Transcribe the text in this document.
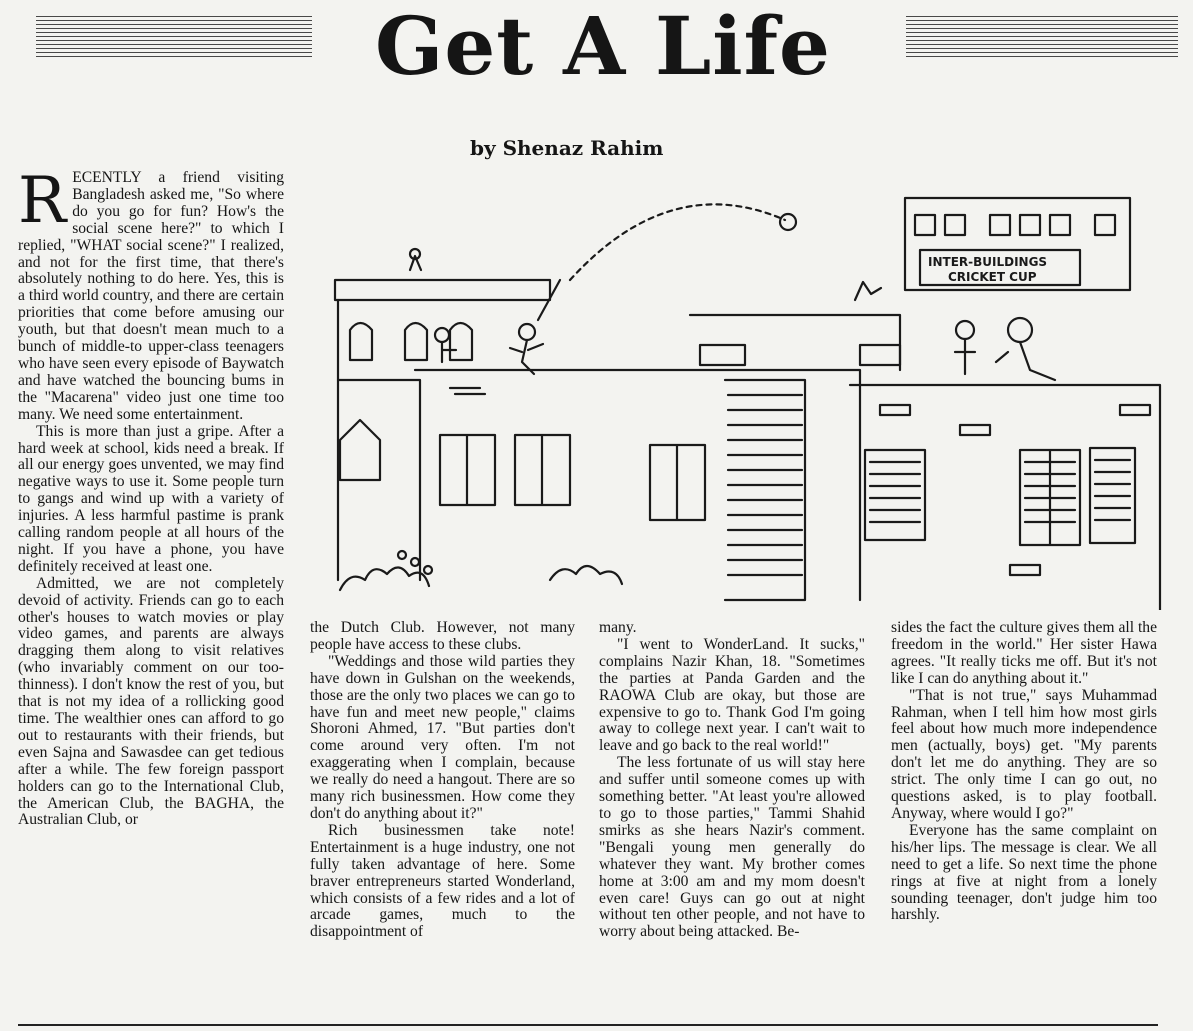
Get A Life
by Shenaz Rahim

RECENTLY a friend visiting Bangladesh asked me, "So where do you go for fun? How's the social scene here?" to which I replied, "WHAT social scene?" I realized, and not for the first time, that there's absolutely nothing to do here. Yes, this is a third world country, and there are certain priorities that come before amusing our youth, but that doesn't mean much to a bunch of middle-to upper-class teenagers who have seen every episode of Baywatch and have watched the bouncing bums in the "Macarena" video just one time too many. We need some entertainment.

This is more than just a gripe. After a hard week at school, kids need a break. If all our energy goes unvented, we may find negative ways to use it. Some people turn to gangs and wind up with a variety of injuries. A less harmful pastime is prank calling random people at all hours of the night. If you have a phone, you have definitely received at least one.

Admitted, we are not completely devoid of activity. Friends can go to each other's houses to watch movies or play video games, and parents are always dragging them along to visit relatives (who invariably comment on our too-thinness). I don't know the rest of you, but that is not my idea of a rollicking good time. The wealthier ones can afford to go out to restaurants with their friends, but even Sajna and Sawasdee can get tedious after a while. The few foreign passport holders can go to the International Club, the American Club, the BAGHA, the Australian Club, or

the Dutch Club. However, not many people have access to these clubs.

"Weddings and those wild parties they have down in Gulshan on the weekends, those are the only two places we can go to have fun and meet new people," claims Shoroni Ahmed, 17. "But parties don't come around very often. I'm not exaggerating when I complain, because we really do need a hangout. There are so many rich businessmen. How come they don't do anything about it?"

Rich businessmen take note! Entertainment is a huge industry, one not fully taken advantage of here. Some braver entrepreneurs started Wonderland, which consists of a few rides and a lot of arcade games, much to the disappointment of

many.

"I went to WonderLand. It sucks," complains Nazir Khan, 18. "Sometimes the parties at Panda Garden and the RAOWA Club are okay, but those are expensive to go to. Thank God I'm going away to college next year. I can't wait to leave and go back to the real world!"

The less fortunate of us will stay here and suffer until someone comes up with something better. "At least you're allowed to go to those parties," Tammi Shahid smirks as she hears Nazir's comment. "Bengali young men generally do whatever they want. My brother comes home at 3:00 am and my mom doesn't even care! Guys can go out at night without ten other people, and not have to worry about being attacked. Be-

sides the fact the culture gives them all the freedom in the world." Her sister Hawa agrees. "It really ticks me off. But it's not like I can do anything about it."

"That is not true," says Muhammad Rahman, when I tell him how most girls feel about how much more independence men (actually, boys) get. "My parents don't let me do anything. They are so strict. The only time I can go out, no questions asked, is to play football. Anyway, where would I go?"

Everyone has the same complaint on his/her lips. The message is clear. We all need to get a life. So next time the phone rings at five at night from a lonely sounding teenager, don't judge him too harshly.

INTER-BUILDINGS
CRICKET CUP
